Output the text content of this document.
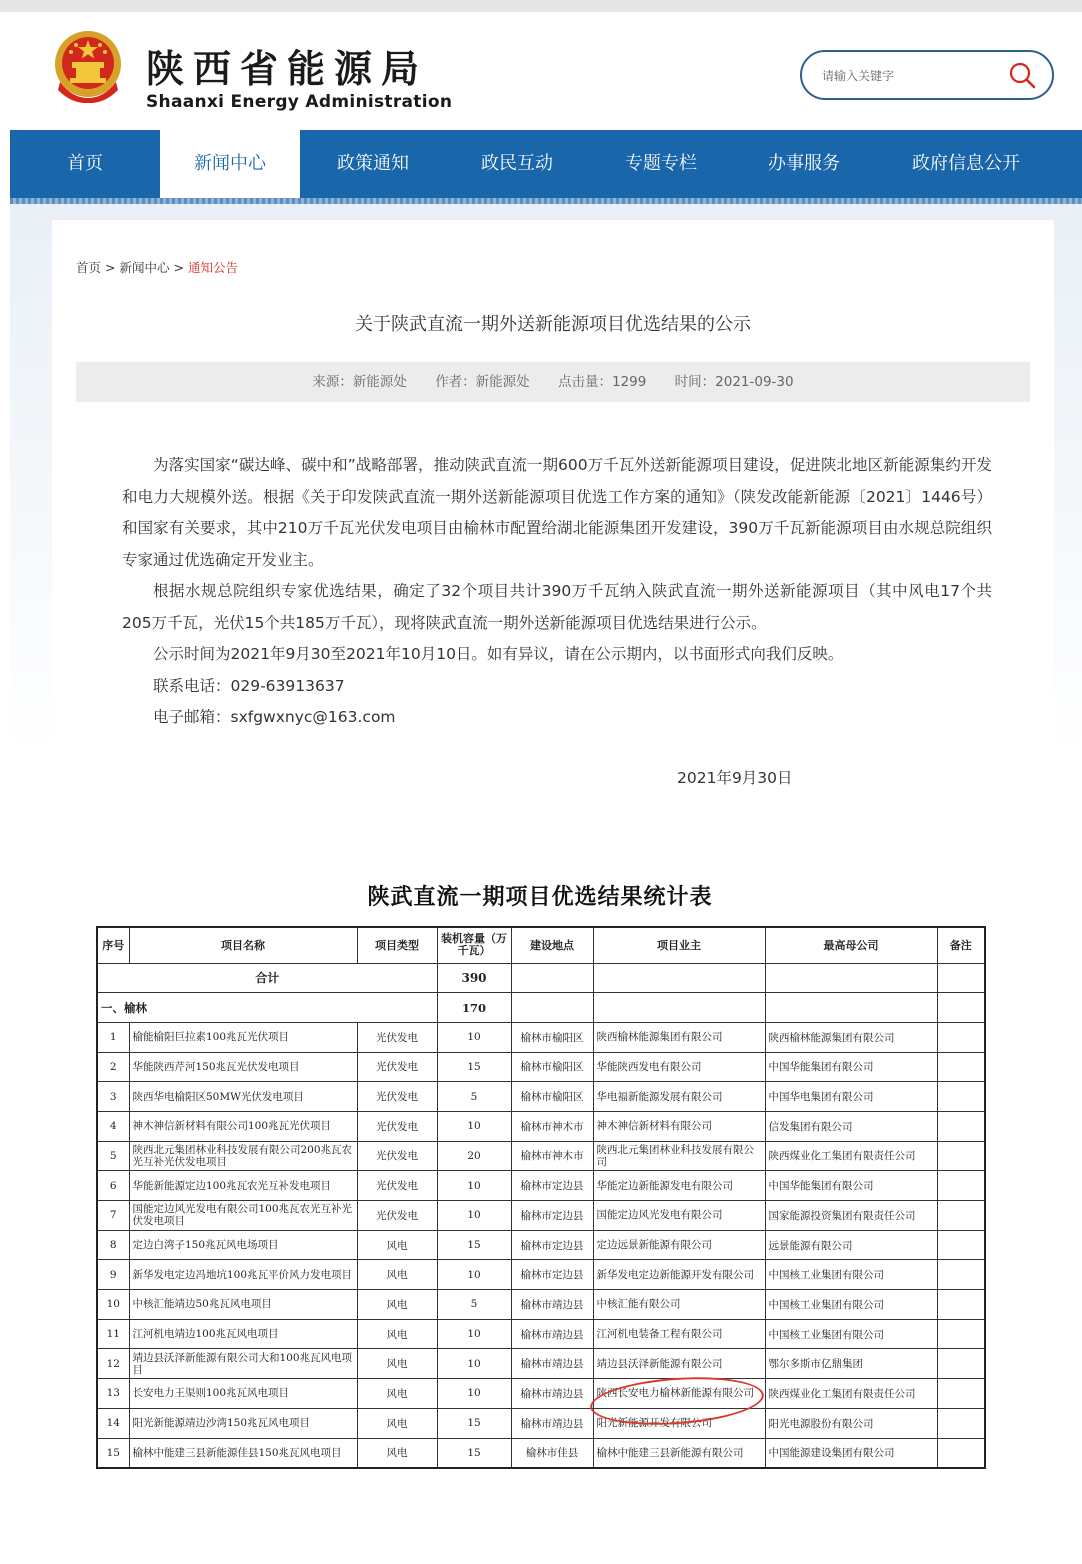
陕西省能源局
Shaanxi Energy Administration
请输入关键字
首页	新闻中心	政策通知	政民互动	专题专栏	办事服务	政府信息公开
首页 > 新闻中心 > 通知公告
关于陕武直流一期外送新能源项目优选结果的公示
来源：新能源处 作者：新能源处 点击量：1299 时间：2021-09-30

为落实国家“碳达峰、碳中和”战略部署，推动陕武直流一期600万千瓦外送新能源项目建设，促进陕北地区新能源集约开发和电力大规模外送。根据《关于印发陕武直流一期外送新能源项目优选工作方案的通知》（陕发改能新能源〔2021〕1446号）和国家有关要求，其中210万千瓦光伏发电项目由榆林市配置给湖北能源集团开发建设，390万千瓦新能源项目由水规总院组织专家通过优选确定开发业主。

根据水规总院组织专家优选结果，确定了32个项目共计390万千瓦纳入陕武直流一期外送新能源项目（其中风电17个共205万千瓦，光伏15个共185万千瓦），现将陕武直流一期外送新能源项目优选结果进行公示。

公示时间为2021年9月30至2021年10月10日。如有异议，请在公示期内，以书面形式向我们反映。

联系电话：029-63913637

电子邮箱：sxfgwxnyc@163.com

2021年9月30日
陕武直流一期项目优选结果统计表
序号	项目名称	项目类型	装机容量（万千瓦）	建设地点	项目业主	最高母公司	备注
合计			390				
一、榆林			170				
1	榆能榆阳巨拉素100兆瓦光伏项目	光伏发电	10	榆林市榆阳区	陕西榆林能源集团有限公司	陕西榆林能源集团有限公司	
2	华能陕西芹河150兆瓦光伏发电项目	光伏发电	15	榆林市榆阳区	华能陕西发电有限公司	中国华能集团有限公司	
3	陕西华电榆阳区50MW光伏发电项目	光伏发电	5	榆林市榆阳区	华电福新能源发展有限公司	中国华电集团有限公司	
4	神木神信新材料有限公司100兆瓦光伏项目	光伏发电	10	榆林市神木市	神木神信新材料有限公司	信发集团有限公司	
5	陕西北元集团林业科技发展有限公司200兆瓦农光互补光伏发电项目	光伏发电	20	榆林市神木市	陕西北元集团林业科技发展有限公司	陕西煤业化工集团有限责任公司	
6	华能新能源定边100兆瓦农光互补发电项目	光伏发电	10	榆林市定边县	华能定边新能源发电有限公司	中国华能集团有限公司	
7	国能定边风光发电有限公司100兆瓦农光互补光伏发电项目	光伏发电	10	榆林市定边县	国能定边风光发电有限公司	国家能源投资集团有限责任公司	
8	定边白湾子150兆瓦风电场项目	风电	15	榆林市定边县	定边远景新能源有限公司	远景能源有限公司	
9	新华发电定边冯地坑100兆瓦平价风力发电项目	风电	10	榆林市定边县	新华发电定边新能源开发有限公司	中国核工业集团有限公司	
10	中核汇能靖边50兆瓦风电项目	风电	5	榆林市靖边县	中核汇能有限公司	中国核工业集团有限公司	
11	江河机电靖边100兆瓦风电项目	风电	10	榆林市靖边县	江河机电装备工程有限公司	中国核工业集团有限公司	
12	靖边县沃泽新能源有限公司大和100兆瓦风电项目	风电	10	榆林市靖边县	靖边县沃泽新能源有限公司	鄂尔多斯市亿鼎集团	
13	长安电力王渠则100兆瓦风电项目	风电	10	榆林市靖边县	陕西长安电力榆林新能源有限公司	陕西煤业化工集团有限责任公司	
14	阳光新能源靖边沙湾150兆瓦风电项目	风电	15	榆林市靖边县	阳光新能源开发有限公司	阳光电源股份有限公司	
15	榆林中能建三县新能源佳县150兆瓦风电项目	风电	15	榆林市佳县	榆林中能建三县新能源有限公司	中国能源建设集团有限公司	
